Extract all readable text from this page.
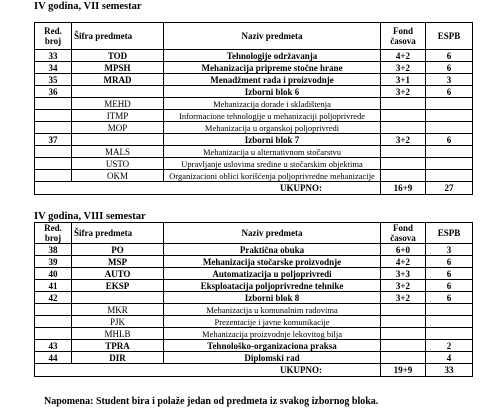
IV godina, VII semestar
Red.
broj	Šifra predmeta	Naziv predmeta	Fond
časova	ESPB
33	TOD	Tehnologije održavanja	4+2	6
34	MPSH	Mehanizacija pripreme stočne hrane	3+2	6
35	MRAD	Menadžment rada i proizvodnje	3+1	3
36		Izborni blok 6	3+2	6
	MEHD	Mehanizacija dorade i skladištenja		
	ITMP	Informacione tehnologije u mehanizaciji poljoprivrede		
	MOP	Mehanizacija u organskoj poljoprivredi		
37		Izborni blok 7	3+2	6
	MALS	Mehanizacija u alternativnom stočarstvu		
	USTO	Upravljanje uslovima sredine u stočarskim objektima		
	OKM	Organizacioni oblici korišćenja poljoprivredne mehanizacije		
UKUPNO:			16+9	27
IV godina, VIII semestar
Red.
broj	Šifra predmeta	Naziv predmeta	Fond
časova	ESPB
38	PO	Praktična obuka	6+0	3
39	MSP	Mehanizacija stočarske proizvodnje	4+2	6
40	AUTO	Automatizacija u poljoprivredi	3+3	6
41	EKSP	Eksploatacija poljoprivredne tehnike	3+2	6
42		Izborni blok 8	3+2	6
	MKR	Mehanizacija u komunalnim radovima		
	PJK	Prezentacije i javne komunikacije		
	MHLB	Mehanizacija proizvodnje lekovitog bilja		
43	TPRA	Tehnološko-organizaciona praksa		2
44	DIR	Diplomski rad		4
UKUPNO:			19+9	33
Napomena: Student bira i polaže jedan od predmeta iz svakog izbornog bloka.
